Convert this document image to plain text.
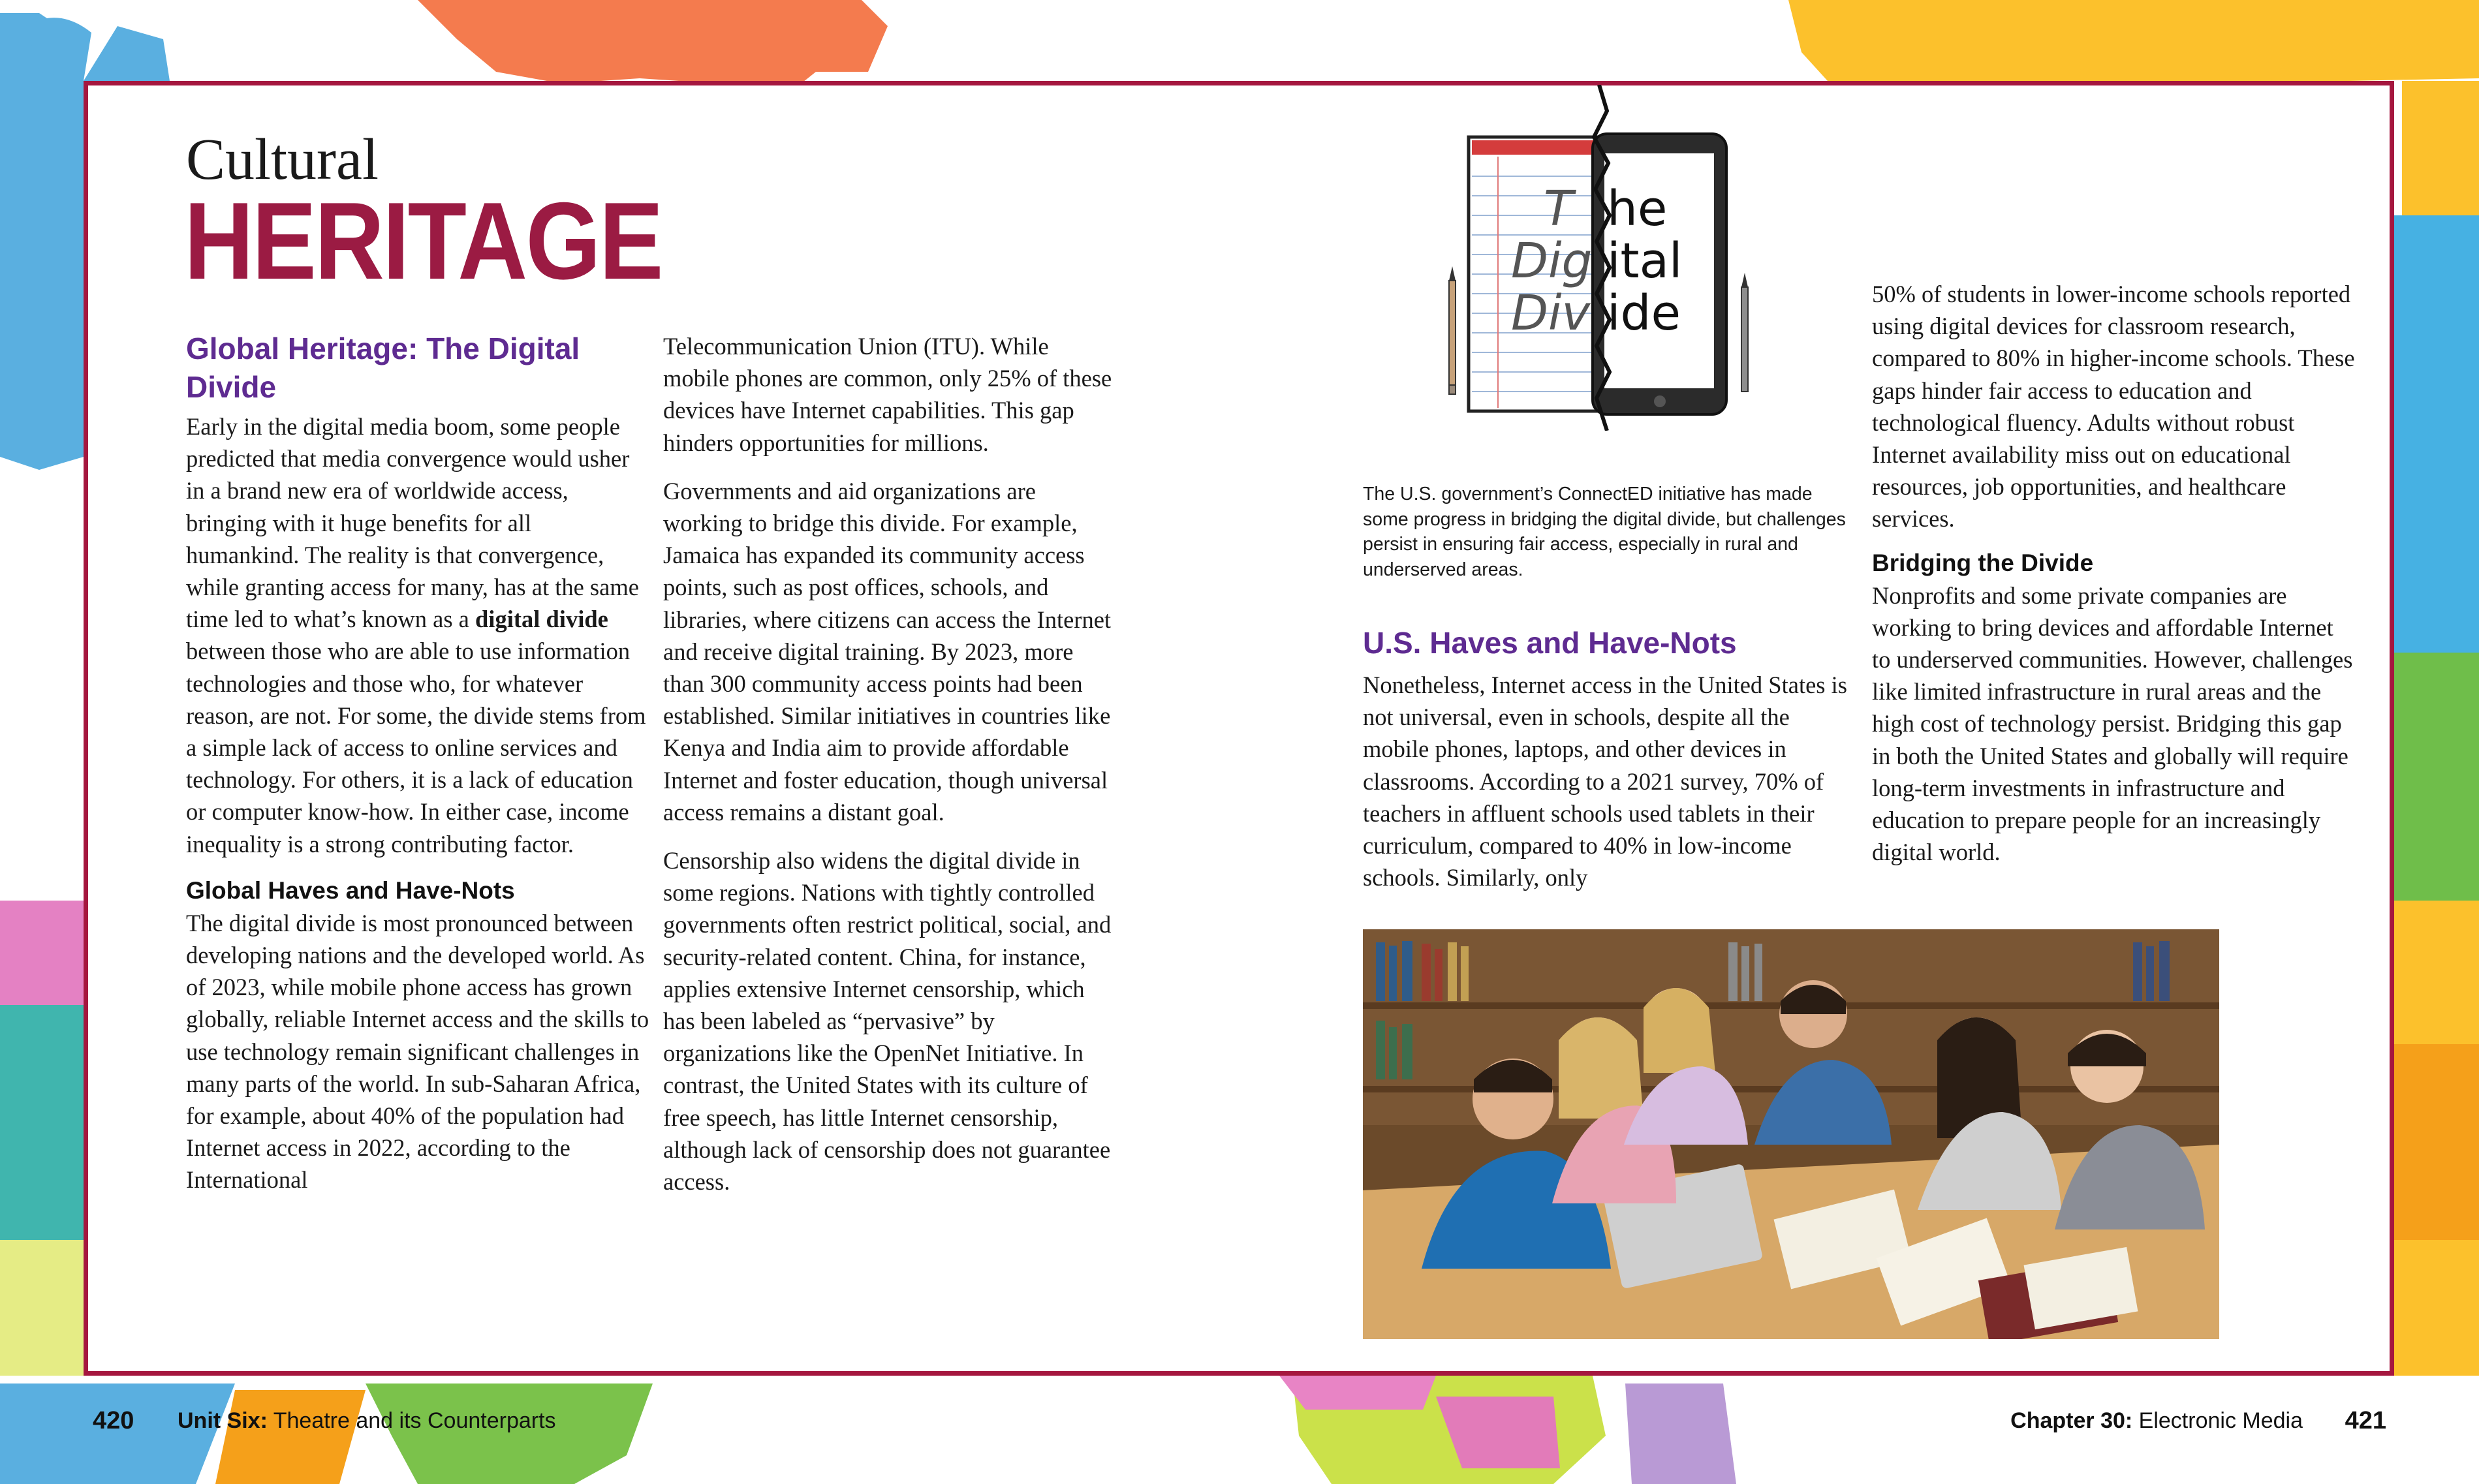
Cultural
HERITAGE
Global Heritage: The Digital Divide

Early in the digital media boom, some people predicted that media convergence would usher in a brand new era of worldwide access, bringing with it huge benefits for all humankind. The reality is that convergence, while granting access for many, has at the same time led to what’s known as a digital divide between those who are able to use information technologies and those who, for whatever reason, are not. For some, the divide stems from a simple lack of access to online services and technology. For others, it is a lack of education or computer know-how. In either case, income inequality is a strong contributing factor.

Global Haves and Have-Nots

The digital divide is most pronounced between developing nations and the developed world. As of 2023, while mobile phone access has grown globally, reliable Internet access and the skills to use technology remain significant challenges in many parts of the world. In sub-Saharan Africa, for example, about 40% of the population had Internet access in 2022, according to the International

Telecommunication Union (ITU). While mobile phones are common, only 25% of these devices have Internet capabilities. This gap hinders opportunities for millions.

Governments and aid organizations are working to bridge this divide. For example, Jamaica has expanded its community access points, such as post offices, schools, and libraries, where citizens can access the Internet and receive digital training. By 2023, more than 300 community access points had been established. Similar initiatives in countries like Kenya and India aim to provide affordable Internet and foster education, though universal access remains a distant goal.

Censorship also widens the digital divide in some regions. Nations with tightly controlled governments often restrict political, social, and security-related content. China, for instance, applies extensive Internet censorship, which has been labeled as “pervasive” by organizations like the OpenNet Initiative. In contrast, the United States with its culture of free speech, has little Internet censorship, although lack of censorship does not guarantee access.

T he
Dig ital
Div ide
The U.S. government’s ConnectED initiative has made some progress in bridging the digital divide, but challenges persist in ensuring fair access, especially in rural and underserved areas.
U.S. Haves and Have-Nots

Nonetheless, Internet access in the United States is not universal, even in schools, despite all the mobile phones, laptops, and other devices in classrooms. According to a 2021 survey, 70% of teachers in affluent schools used tablets in their curriculum, compared to 40% in low-income schools. Similarly, only

50% of students in lower-income schools reported using digital devices for classroom research, compared to 80% in higher-income schools. These gaps hinder fair access to education and technological fluency. Adults without robust Internet availability miss out on educational resources, job opportunities, and healthcare services.

Bridging the Divide

Nonprofits and some private companies are working to bring devices and affordable Internet to underserved communities. However, challenges like limited infrastructure in rural areas and the high cost of technology persist. Bridging this gap in both the United States and globally will require long-term investments in infrastructure and education to prepare people for an increasingly digital world.

420 Unit Six: Theatre and its Counterparts	Chapter 30: Electronic Media 421
